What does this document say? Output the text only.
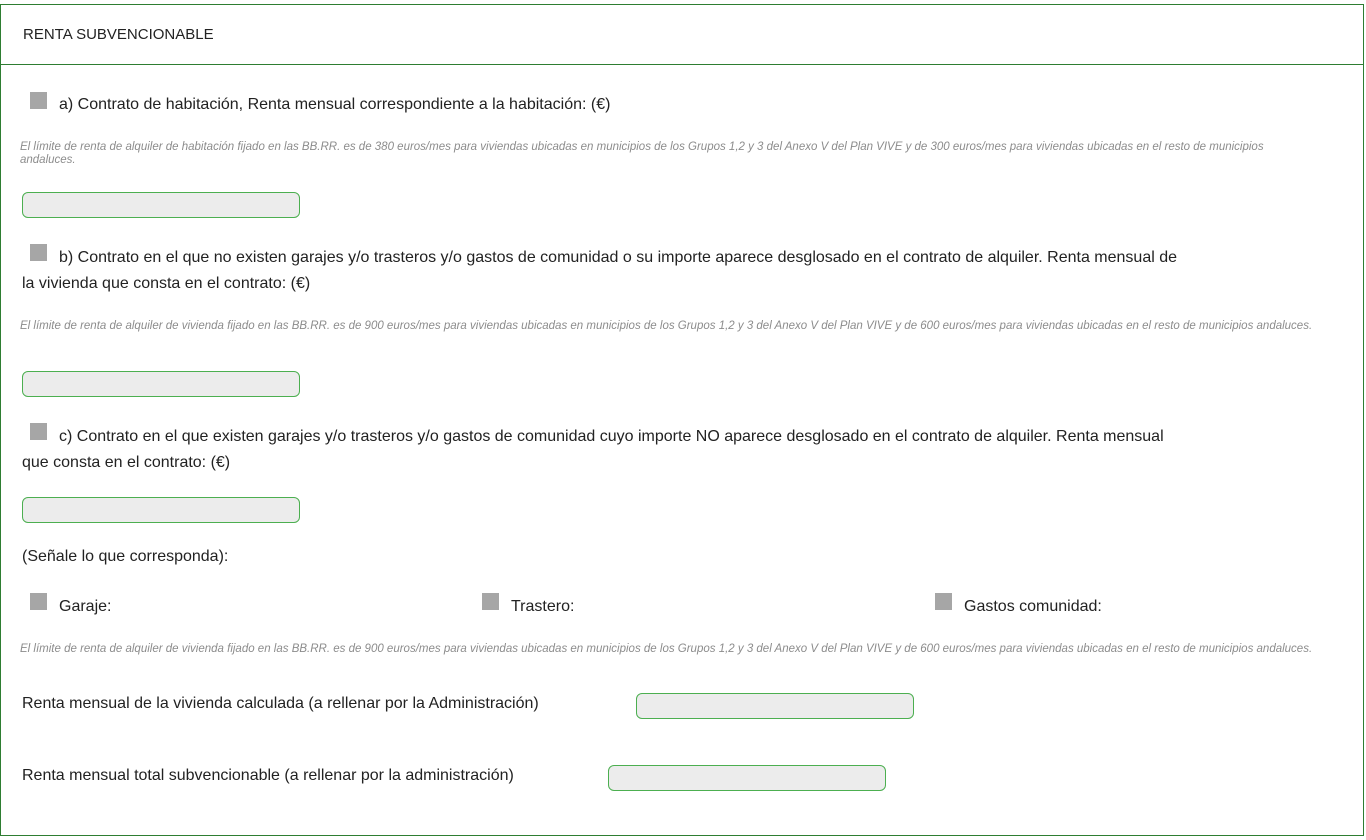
RENTA SUBVENCIONABLE
a) Contrato de habitación, Renta mensual correspondiente a la habitación: (€)
El límite de renta de alquiler de habitación fijado en las BB.RR. es de 380 euros/mes para viviendas ubicadas en municipios de los Grupos 1,2 y 3 del Anexo V del Plan VIVE y de 300 euros/mes para viviendas ubicadas en el resto de municipios andaluces.
b) Contrato en el que no existen garajes y/o trasteros y/o gastos de comunidad o su importe aparece desglosado en el contrato de alquiler. Renta mensual de
la vivienda que consta en el contrato: (€)
El límite de renta de alquiler de vivienda fijado en las BB.RR. es de 900 euros/mes para viviendas ubicadas en municipios de los Grupos 1,2 y 3 del Anexo V del Plan VIVE y de 600 euros/mes para viviendas ubicadas en el resto de municipios andaluces.
c) Contrato en el que existen garajes y/o trasteros y/o gastos de comunidad cuyo importe NO aparece desglosado en el contrato de alquiler. Renta mensual
que consta en el contrato: (€)
(Señale lo que corresponda):
Garaje:	Trastero:	Gastos comunidad:
El límite de renta de alquiler de vivienda fijado en las BB.RR. es de 900 euros/mes para viviendas ubicadas en municipios de los Grupos 1,2 y 3 del Anexo V del Plan VIVE y de 600 euros/mes para viviendas ubicadas en el resto de municipios andaluces.
Renta mensual de la vivienda calculada (a rellenar por la Administración)
Renta mensual total subvencionable (a rellenar por la administración)
